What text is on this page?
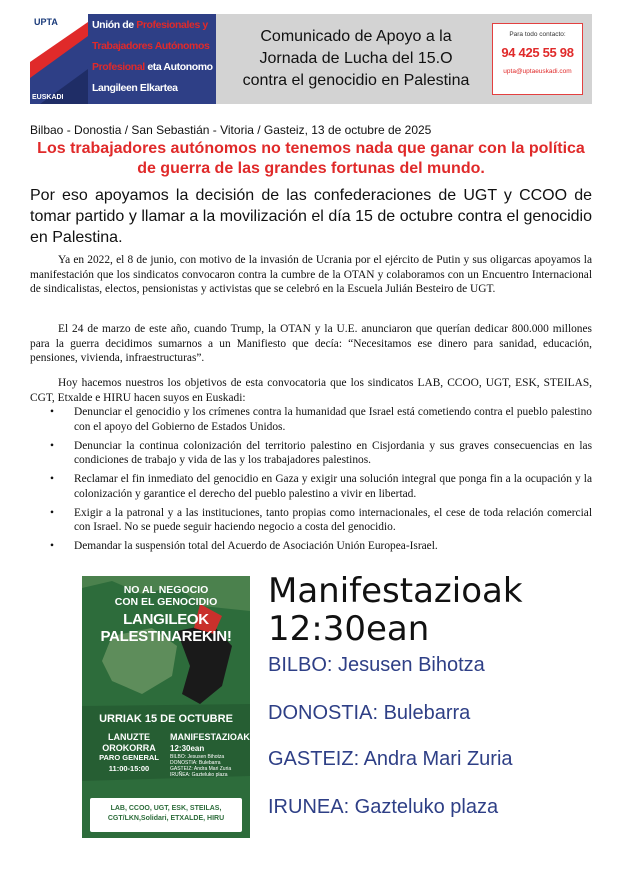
UPTA
EUSKADI
Unión de Profesionales y
Trabajadores Autónomos
Profesional eta Autonomo
Langileen Elkartea
Comunicado de Apoyo a la
Jornada de Lucha del 15.O
contra el genocidio en Palestina
Para todo contacto:
94 425 55 98
upta@uptaeuskadi.com
Bilbao - Donostia / San Sebastián - Vitoria / Gasteiz, 13 de octubre de 2025
Los trabajadores autónomos no tenemos nada que ganar con la política de guerra de las grandes fortunas del mundo.
Por eso apoyamos la decisión de las confederaciones de UGT y CCOO de tomar partido y llamar a la movilización el día 15 de octubre contra el genocidio en Palestina.
Ya en 2022, el 8 de junio, con motivo de la invasión de Ucrania por el ejército de Putin y sus oligarcas apoyamos la manifestación que los sindicatos convocaron contra la cumbre de la OTAN y colaboramos con un Encuentro Internacional de sindicalistas, electos, pensionistas y activistas que se celebró en la Escuela Julián Besteiro de UGT.
El 24 de marzo de este año, cuando Trump, la OTAN y la U.E. anunciaron que querían dedicar 800.000 millones para la guerra decidimos sumarnos a un Manifiesto que decía: “Necesitamos ese dinero para sanidad, educación, pensiones, vivienda, infraestructuras”.
Hoy hacemos nuestros los objetivos de esta convocatoria que los sindicatos LAB, CCOO, UGT, ESK, STEILAS, CGT, Etxalde e HIRU hacen suyos en Euskadi:
• Denunciar el genocidio y los crímenes contra la humanidad que Israel está cometiendo contra el pueblo palestino con el apoyo del Gobierno de Estados Unidos.
• Denunciar la continua colonización del territorio palestino en Cisjordania y sus graves consecuencias en las condiciones de trabajo y vida de las y los trabajadores palestinos.
• Reclamar el fin inmediato del genocidio en Gaza y exigir una solución integral que ponga fin a la ocupación y la colonización y garantice el derecho del pueblo palestino a vivir en libertad.
• Exigir a la patronal y a las instituciones, tanto propias como internacionales, el cese de toda relación comercial con Israel. No se puede seguir haciendo negocio a costa del genocidio.
• Demandar la suspensión total del Acuerdo de Asociación Unión Europea-Israel.
NO AL NEGOCIO
CON EL GENOCIDIO
LANGILEOK
PALESTINAREKIN!
URRIAK 15 DE OCTUBRE
LANUZTE
OROKORRA
PARO GENERAL
11:00-15:00
MANIFESTAZIOAK
12:30ean
BILBO: Jesusen Bihotza
DONOSTIA: Bulebarra
GASTEIZ: Andra Mari Zuria
IRUÑEA: Gazteluko plaza
LAB, CCOO, UGT, ESK, STEILAS,
CGT/LKN,Solidari, ETXALDE, HIRU
Manifestazioak
12:30ean
BILBO: Jesusen Bihotza
DONOSTIA: Bulebarra
GASTEIZ: Andra Mari Zuria
IRUNEA: Gazteluko plaza
